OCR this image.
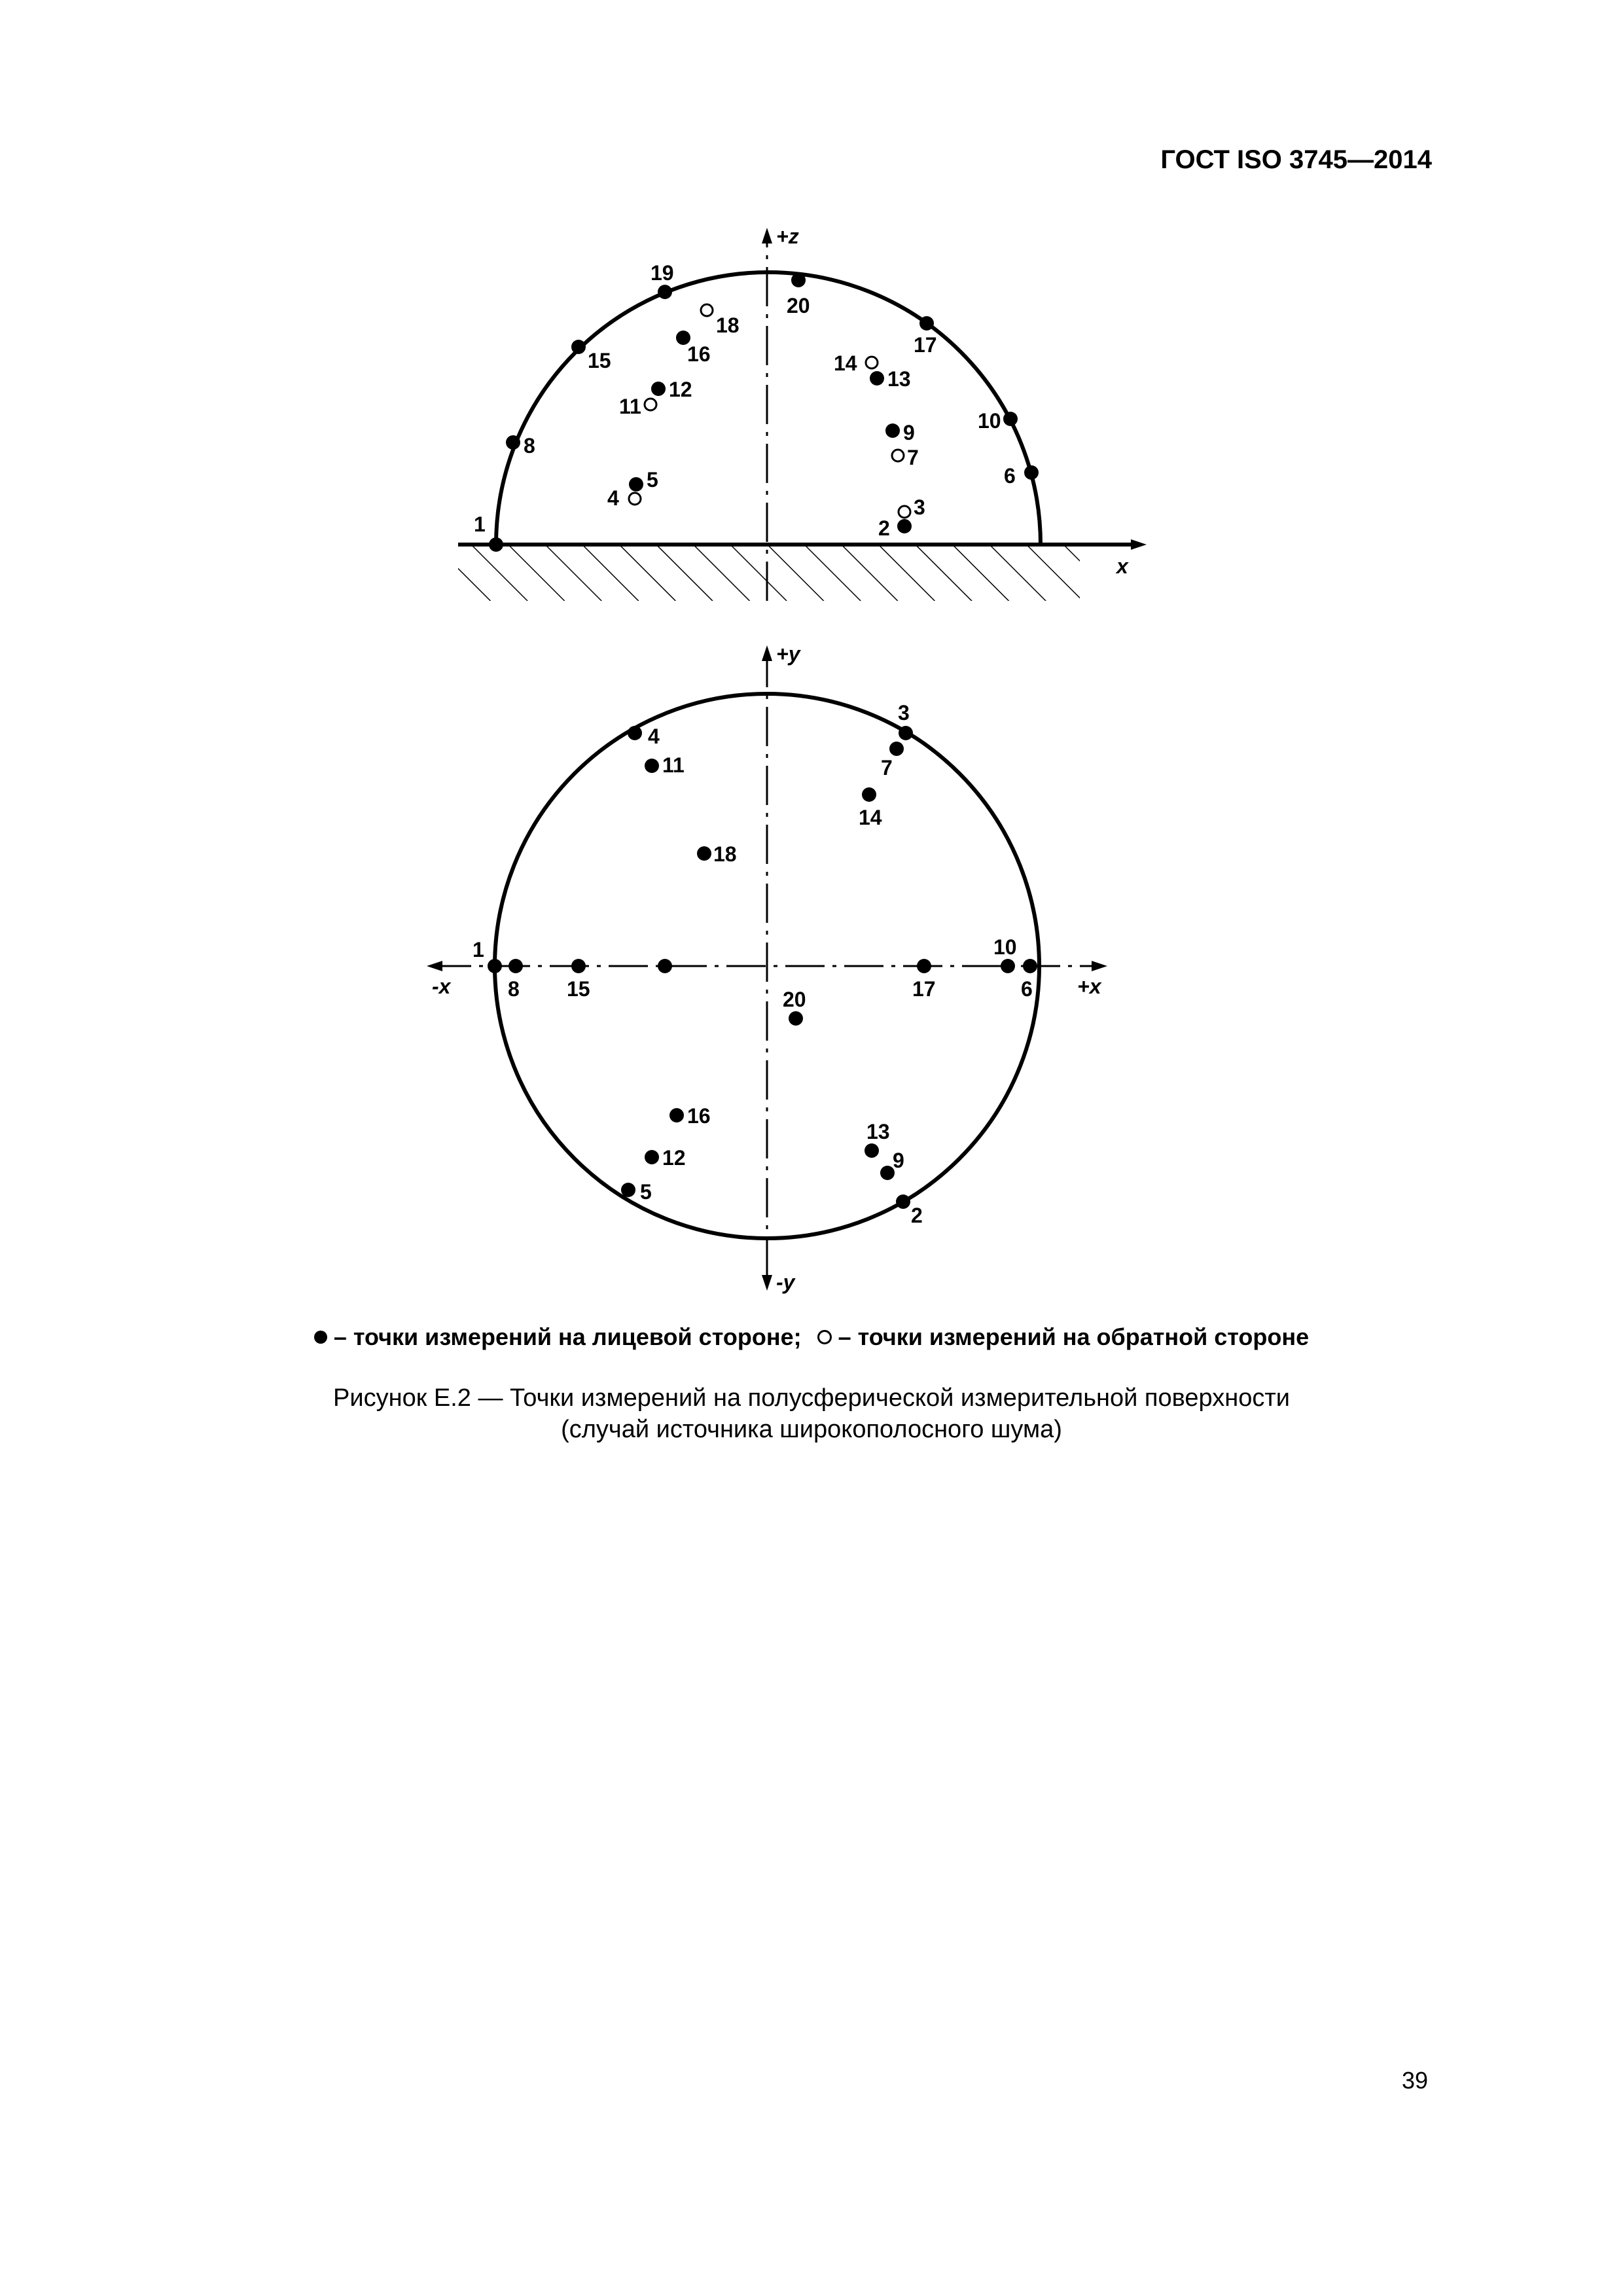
ГОСТ ISO 3745—2014
+z
x
1	2
3
4
5	6
7
8
9	10
11
12	13
14
15	16	17
18
19
20
+y
-y
-x	+x
1
2
3
4
5
6
7
8
9
10
11
12
13
14
15
16
17
18
20
– точки измерений на лицевой стороне; – точки измерений на обратной стороне
Рисунок Е.2 — Точки измерений на полусферической измерительной поверхности
(случай источника широкополосного шума)
39
